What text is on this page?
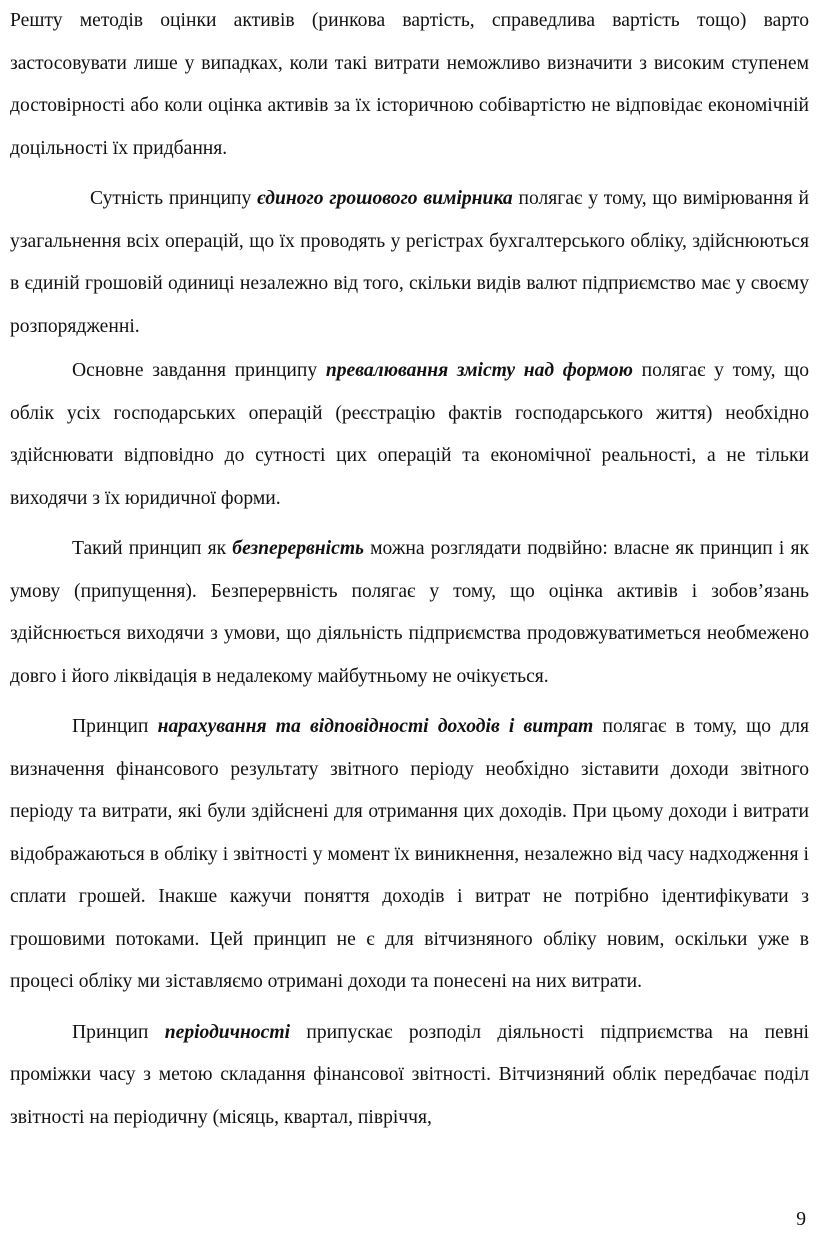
Решту методів оцінки активів (ринкова вартість, справедлива вартість тощо) варто застосовувати лише у випадках, коли такі витрати неможливо визначити з високим ступенем достовірності або коли оцінка активів за їх історичною собівартістю не відповідає економічній доцільності їх придбання.

Сутність принципу єдиного грошового вимірника полягає у тому, що вимірювання й узагальнення всіх операцій, що їх проводять у регістрах бухгалтерського обліку, здійснюються в єдиній грошовій одиниці незалежно від того, скільки видів валют підприємство має у своєму розпорядженні.

Основне завдання принципу превалювання змісту над формою полягає у тому, що облік усіх господарських операцій (реєстрацію фактів господарського життя) необхідно здійснювати відповідно до сутності цих операцій та економічної реальності, а не тільки виходячи з їх юридичної форми.

Такий принцип як безперервність можна розглядати подвійно: власне як принцип і як умову (припущення). Безперервність полягає у тому, що оцінка активів і зобов’язань здійснюється виходячи з умови, що діяльність підприємства продовжуватиметься необмежено довго і його ліквідація в недалекому майбутньому не очікується.

Принцип нарахування та відповідності доходів і витрат полягає в тому, що для визначення фінансового результату звітного періоду необхідно зіставити доходи звітного періоду та витрати, які були здійснені для отримання цих доходів. При цьому доходи і витрати відображаються в обліку і звітності у момент їх виникнення, незалежно від часу надходження і сплати грошей. Інакше кажучи поняття доходів і витрат не потрібно ідентифікувати з грошовими потоками. Цей принцип не є для вітчизняного обліку новим, оскільки уже в процесі обліку ми зіставляємо отримані доходи та понесені на них витрати.

Принцип періодичності припускає розподіл діяльності підприємства на певні проміжки часу з метою складання фінансової звітності. Вітчизняний облік передбачає поділ звітності на періодичну (місяць, квартал, півріччя,

9
